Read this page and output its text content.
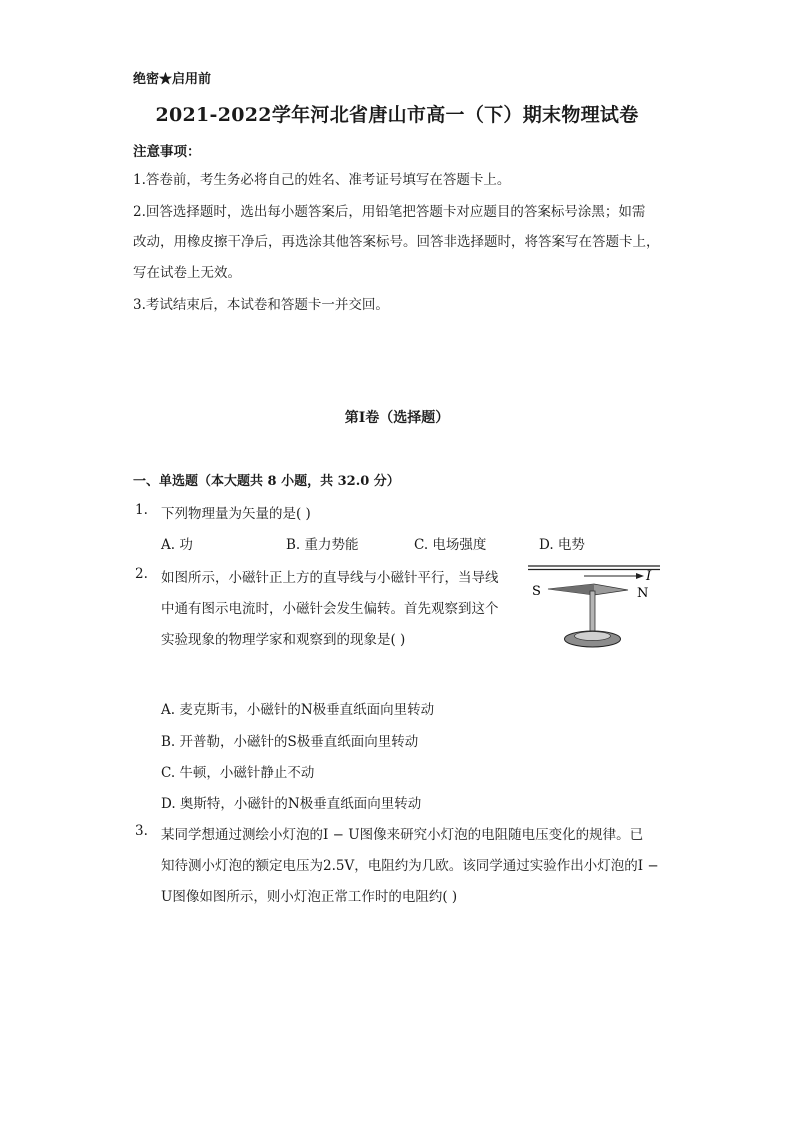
绝密★启用前
2021-2022学年河北省唐山市高一（下）期末物理试卷
注意事项：
1.答卷前，考生务必将自己的姓名、准考证号填写在答题卡上。
2.回答选择题时，选出每小题答案后，用铅笔把答题卡对应题目的答案标号涂黑；如需
改动，用橡皮擦干净后，再选涂其他答案标号。回答非选择题时，将答案写在答题卡上，
写在试卷上无效。
3.考试结束后，本试卷和答题卡一并交回。
第I卷（选择题）
一、单选题（本大题共 8 小题，共 32.0 分）
1. 下列物理量为矢量的是( )
A. 功	B. 重力势能	C. 电场强度	D. 电势
2. 如图所示，小磁针正上方的直导线与小磁针平行，当导线
中通有图示电流时，小磁针会发生偏转。首先观察到这个
实验现象的物理学家和观察到的现象是( )
I
S	N
A. 麦克斯韦，小磁针的N极垂直纸面向里转动
B. 开普勒，小磁针的S极垂直纸面向里转动
C. 牛顿，小磁针静止不动
D. 奥斯特，小磁针的N极垂直纸面向里转动
3. 某同学想通过测绘小灯泡的I − U图像来研究小灯泡的电阻随电压变化的规律。已
知待测小灯泡的额定电压为2.5V，电阻约为几欧。该同学通过实验作出小灯泡的I −
U图像如图所示，则小灯泡正常工作时的电阻约( )
